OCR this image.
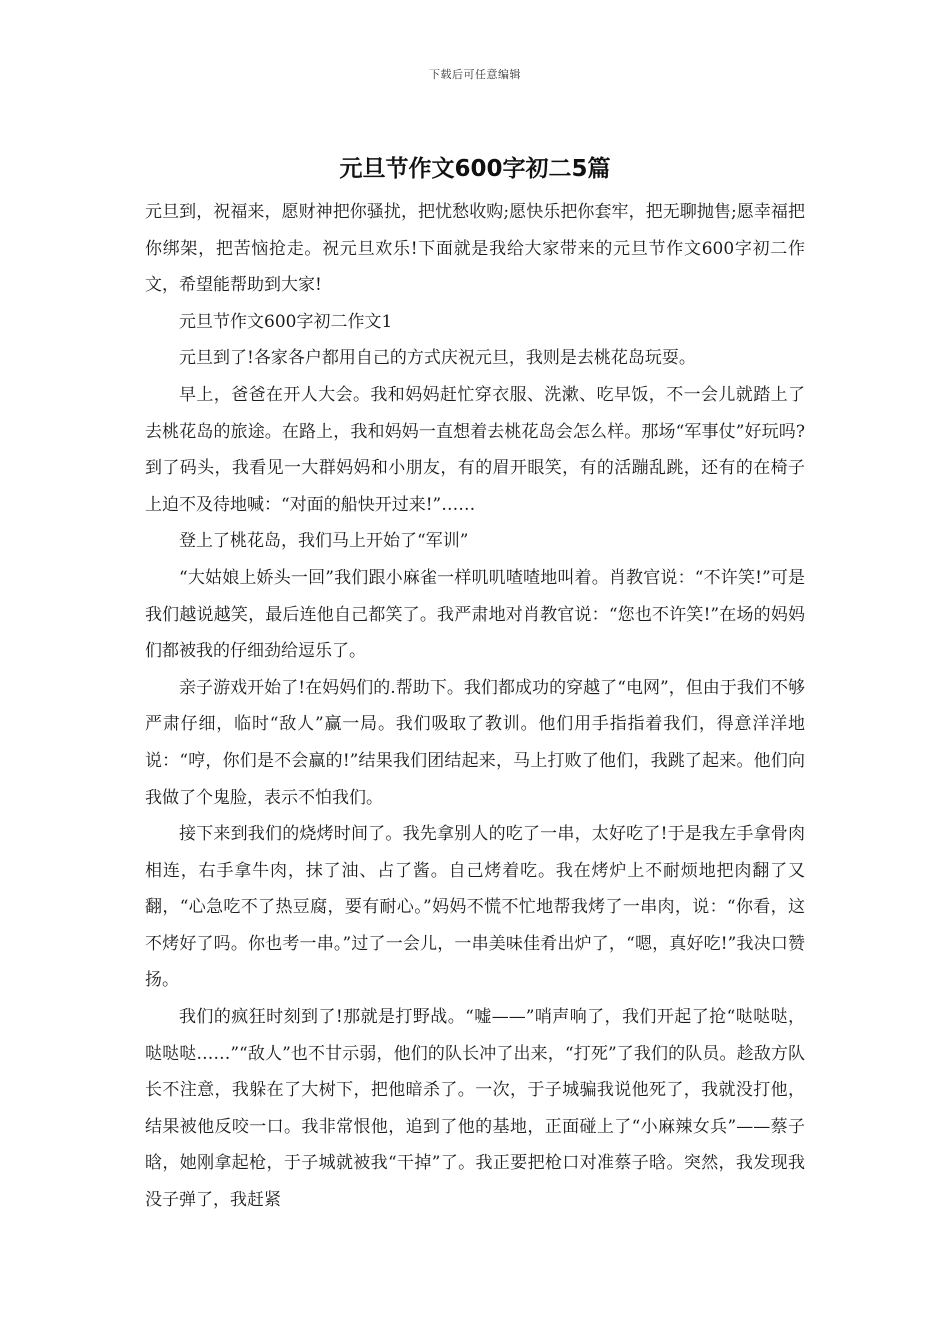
下载后可任意编辑
元旦节作文600字初二5篇

元旦到，祝福来，愿财神把你骚扰，把忧愁收购;愿快乐把你套牢，把无聊抛售;愿幸福把你绑架，把苦恼抢走。祝元旦欢乐!下面就是我给大家带来的元旦节作文600字初二作文，希望能帮助到大家!

元旦节作文600字初二作文1

元旦到了!各家各户都用自己的方式庆祝元旦，我则是去桃花岛玩耍。

早上，爸爸在开人大会。我和妈妈赶忙穿衣服、洗漱、吃早饭，不一会儿就踏上了去桃花岛的旅途。在路上，我和妈妈一直想着去桃花岛会怎么样。那场“军事仗”好玩吗?到了码头，我看见一大群妈妈和小朋友，有的眉开眼笑，有的活蹦乱跳，还有的在椅子上迫不及待地喊：“对面的船快开过来!”……

登上了桃花岛，我们马上开始了“军训”

“大姑娘上娇头一回”我们跟小麻雀一样叽叽喳喳地叫着。肖教官说：“不许笑!”可是我们越说越笑，最后连他自己都笑了。我严肃地对肖教官说：“您也不许笑!”在场的妈妈们都被我的仔细劲给逗乐了。

亲子游戏开始了!在妈妈们的.帮助下。我们都成功的穿越了“电网”，但由于我们不够严肃仔细，临时“敌人”赢一局。我们吸取了教训。他们用手指指着我们，得意洋洋地说：“哼，你们是不会赢的!”结果我们团结起来，马上打败了他们，我跳了起来。他们向我做了个鬼脸，表示不怕我们。

接下来到我们的烧烤时间了。我先拿别人的吃了一串，太好吃了!于是我左手拿骨肉相连，右手拿牛肉，抹了油、占了酱。自己烤着吃。我在烤炉上不耐烦地把肉翻了又翻，“心急吃不了热豆腐，要有耐心。”妈妈不慌不忙地帮我烤了一串肉，说：“你看，这不烤好了吗。你也考一串。”过了一会儿，一串美味佳肴出炉了，“嗯，真好吃!”我决口赞扬。

我们的疯狂时刻到了!那就是打野战。“嘘——”哨声响了，我们开起了抢“哒哒哒，哒哒哒……”“敌人”也不甘示弱，他们的队长冲了出来，“打死”了我们的队员。趁敌方队长不注意，我躲在了大树下，把他暗杀了。一次，于子城骗我说他死了，我就没打他，结果被他反咬一口。我非常恨他，追到了他的基地，正面碰上了“小麻辣女兵”——蔡子晗，她刚拿起枪，于子城就被我“干掉”了。我正要把枪口对准蔡子晗。突然，我发现我没子弹了，我赶紧
